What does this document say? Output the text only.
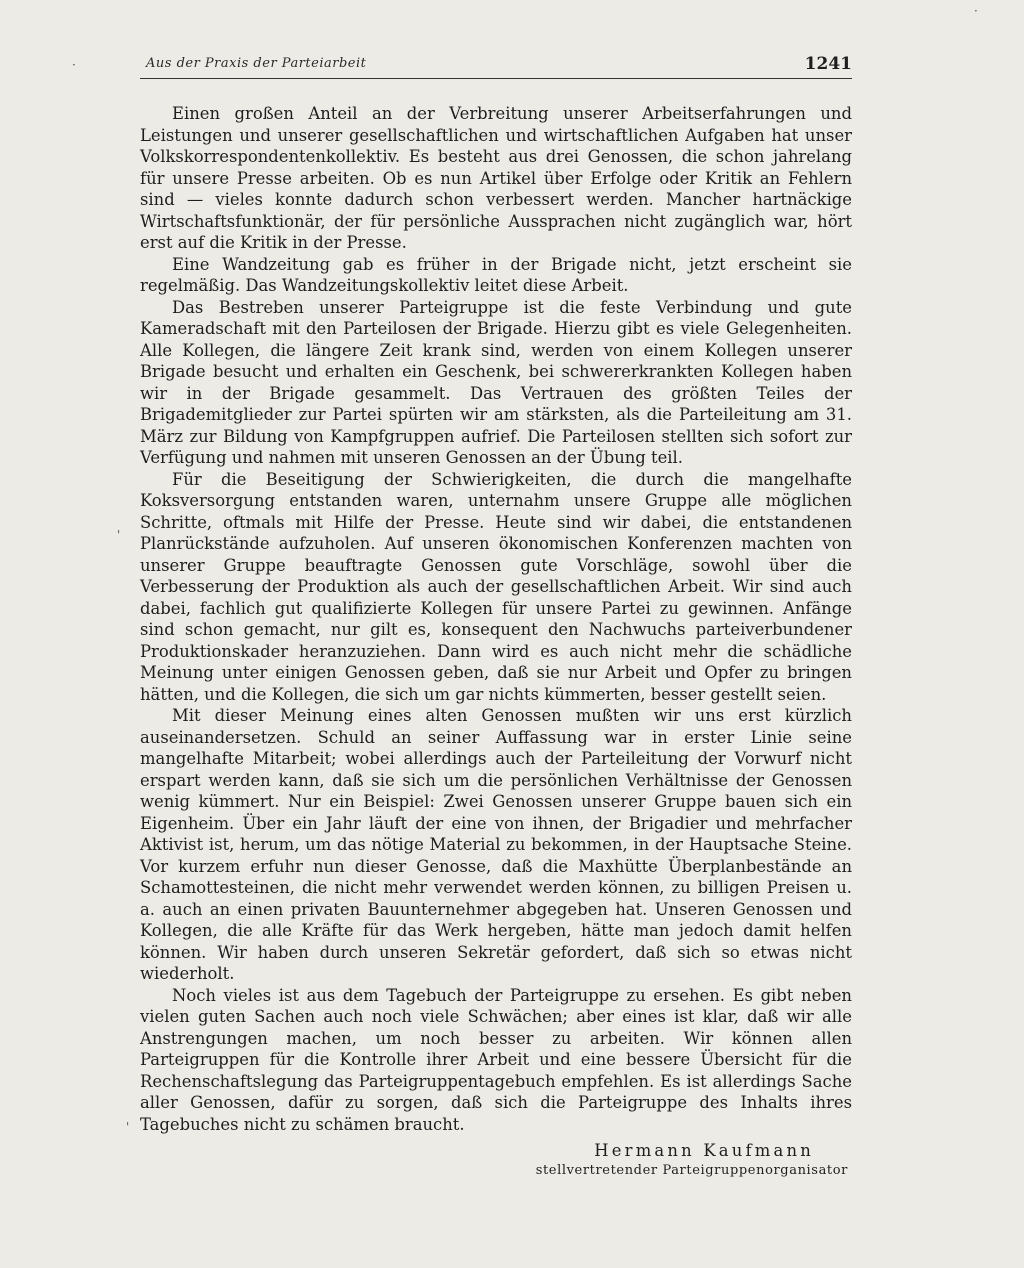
Aus der Praxis der Parteiarbeit	1241

Einen großen Anteil an der Verbreitung unserer Arbeitserfahrungen und Leistungen und unserer gesellschaftlichen und wirtschaftlichen Aufgaben hat unser Volkskorrespondentenkollektiv. Es besteht aus drei Genossen, die schon jahrelang für unsere Presse arbeiten. Ob es nun Artikel über Erfolge oder Kritik an Fehlern sind — vieles konnte dadurch schon verbessert werden. Mancher hartnäckige Wirtschaftsfunktionär, der für persönliche Aussprachen nicht zugänglich war, hört erst auf die Kritik in der Presse.

Eine Wandzeitung gab es früher in der Brigade nicht, jetzt erscheint sie regelmäßig. Das Wandzeitungskollektiv leitet diese Arbeit.

Das Bestreben unserer Parteigruppe ist die feste Verbindung und gute Kameradschaft mit den Parteilosen der Brigade. Hierzu gibt es viele Gelegenheiten. Alle Kollegen, die längere Zeit krank sind, werden von einem Kollegen unserer Brigade besucht und erhalten ein Geschenk, bei schwererkrankten Kollegen haben wir in der Brigade gesammelt. Das Vertrauen des größten Teiles der Brigademitglieder zur Partei spürten wir am stärksten, als die Parteileitung am 31. März zur Bildung von Kampfgruppen aufrief. Die Parteilosen stellten sich sofort zur Verfügung und nahmen mit unseren Genossen an der Übung teil.

Für die Beseitigung der Schwierigkeiten, die durch die mangelhafte Koksversorgung entstanden waren, unternahm unsere Gruppe alle möglichen Schritte, oftmals mit Hilfe der Presse. Heute sind wir dabei, die entstandenen Planrückstände aufzuholen. Auf unseren ökonomischen Konferenzen machten von unserer Gruppe beauftragte Genossen gute Vorschläge, sowohl über die Verbesserung der Produktion als auch der gesellschaftlichen Arbeit. Wir sind auch dabei, fachlich gut qualifizierte Kollegen für unsere Partei zu gewinnen. Anfänge sind schon gemacht, nur gilt es, konsequent den Nachwuchs parteiverbundener Produktionskader heranzuziehen. Dann wird es auch nicht mehr die schädliche Meinung unter einigen Genossen geben, daß sie nur Arbeit und Opfer zu bringen hätten, und die Kollegen, die sich um gar nichts kümmerten, besser gestellt seien.

Mit dieser Meinung eines alten Genossen mußten wir uns erst kürzlich auseinandersetzen. Schuld an seiner Auffassung war in erster Linie seine mangelhafte Mitarbeit; wobei allerdings auch der Parteileitung der Vorwurf nicht erspart werden kann, daß sie sich um die persönlichen Verhältnisse der Genossen wenig kümmert. Nur ein Beispiel: Zwei Genossen unserer Gruppe bauen sich ein Eigenheim. Über ein Jahr läuft der eine von ihnen, der Brigadier und mehrfacher Aktivist ist, herum, um das nötige Material zu bekommen, in der Hauptsache Steine. Vor kurzem erfuhr nun dieser Genosse, daß die Maxhütte Überplanbestände an Schamottesteinen, die nicht mehr verwendet werden können, zu billigen Preisen u. a. auch an einen privaten Bauunternehmer abgegeben hat. Unseren Genossen und Kollegen, die alle Kräfte für das Werk hergeben, hätte man jedoch damit helfen können. Wir haben durch unseren Sekretär gefordert, daß sich so etwas nicht wiederholt.

Noch vieles ist aus dem Tagebuch der Parteigruppe zu ersehen. Es gibt neben vielen guten Sachen auch noch viele Schwächen; aber eines ist klar, daß wir alle Anstrengungen machen, um noch besser zu arbeiten. Wir können allen Parteigruppen für die Kontrolle ihrer Arbeit und eine bessere Übersicht für die Rechenschaftslegung das Parteigruppentagebuch empfehlen. Es ist allerdings Sache aller Genossen, dafür zu sorgen, daß sich die Parteigruppe des Inhalts ihres Tagebuches nicht zu schämen braucht.

Hermann Kaufmann
stellvertretender Parteigruppenorganisator
·
·
'
'
